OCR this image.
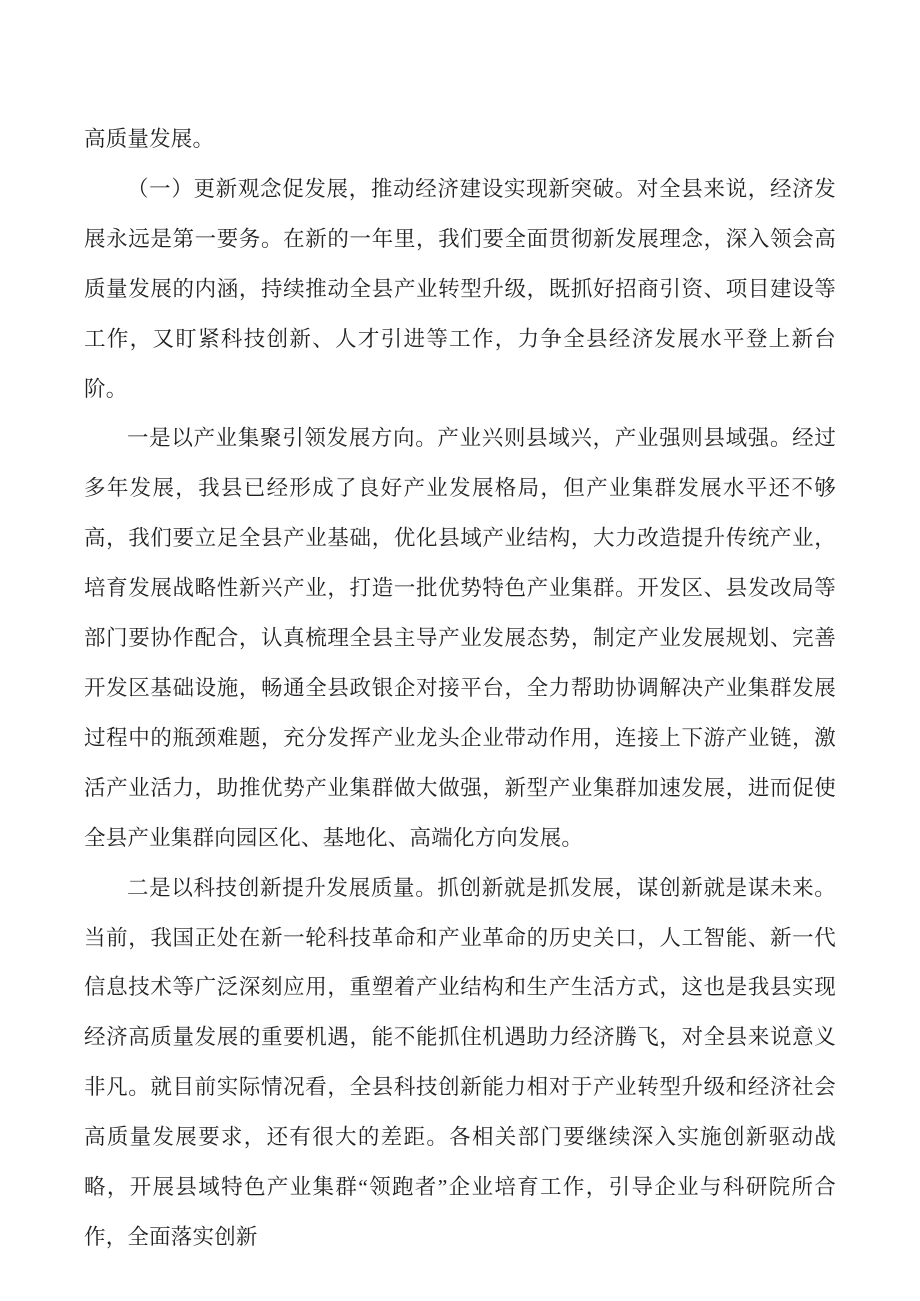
高质量发展。

（一）更新观念促发展，推动经济建设实现新突破。对全县来说，经济发展永远是第一要务。在新的一年里，我们要全面贯彻新发展理念，深入领会高质量发展的内涵，持续推动全县产业转型升级，既抓好招商引资、项目建设等工作，又盯紧科技创新、人才引进等工作，力争全县经济发展水平登上新台阶。

一是以产业集聚引领发展方向。产业兴则县域兴，产业强则县域强。经过多年发展，我县已经形成了良好产业发展格局，但产业集群发展水平还不够高，我们要立足全县产业基础，优化县域产业结构，大力改造提升传统产业，培育发展战略性新兴产业，打造一批优势特色产业集群。开发区、县发改局等部门要协作配合，认真梳理全县主导产业发展态势，制定产业发展规划、完善开发区基础设施，畅通全县政银企对接平台，全力帮助协调解决产业集群发展过程中的瓶颈难题，充分发挥产业龙头企业带动作用，连接上下游产业链，激活产业活力，助推优势产业集群做大做强，新型产业集群加速发展，进而促使全县产业集群向园区化、基地化、高端化方向发展。

二是以科技创新提升发展质量。抓创新就是抓发展，谋创新就是谋未来。当前，我国正处在新一轮科技革命和产业革命的历史关口，人工智能、新一代信息技术等广泛深刻应用，重塑着产业结构和生产生活方式，这也是我县实现经济高质量发展的重要机遇，能不能抓住机遇助力经济腾飞，对全县来说意义非凡。就目前实际情况看，全县科技创新能力相对于产业转型升级和经济社会高质量发展要求，还有很大的差距。各相关部门要继续深入实施创新驱动战略，开展县域特色产业集群“领跑者”企业培育工作，引导企业与科研院所合作，全面落实创新
